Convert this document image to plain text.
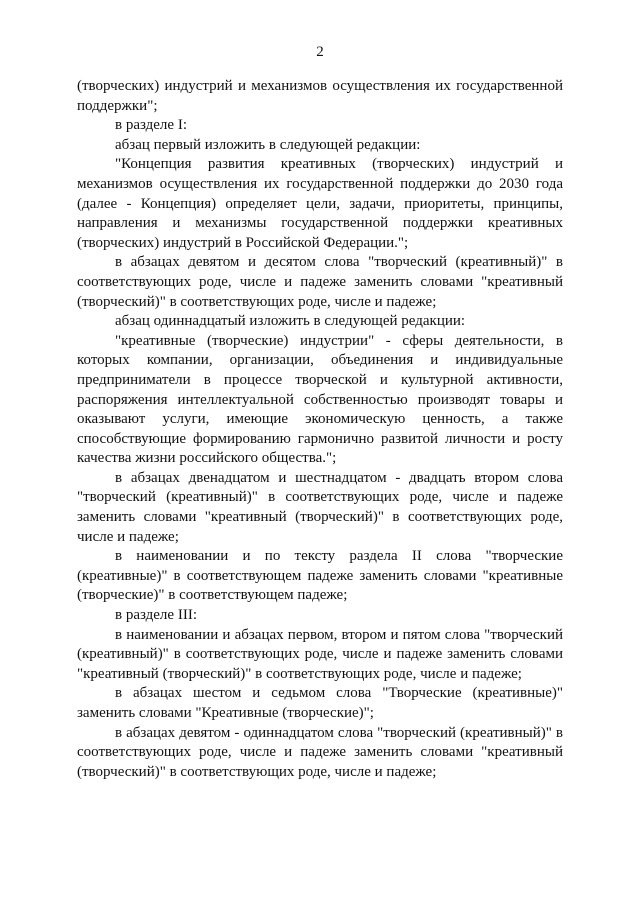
2

(творческих) индустрий и механизмов осуществления их государственной поддержки";

в разделе I:

абзац первый изложить в следующей редакции:

"Концепция развития креативных (творческих) индустрий и механизмов осуществления их государственной поддержки до 2030 года (далее - Концепция) определяет цели, задачи, приоритеты, принципы, направления и механизмы государственной поддержки креативных (творческих) индустрий в Российской Федерации.";

в абзацах девятом и десятом слова "творческий (креативный)" в соответствующих роде, числе и падеже заменить словами "креативный (творческий)" в соответствующих роде, числе и падеже;

абзац одиннадцатый изложить в следующей редакции:

"креативные (творческие) индустрии" - сферы деятельности, в которых компании, организации, объединения и индивидуальные предприниматели в процессе творческой и культурной активности, распоряжения интеллектуальной собственностью производят товары и оказывают услуги, имеющие экономическую ценность, а также способствующие формированию гармонично развитой личности и росту качества жизни российского общества.";

в абзацах двенадцатом и шестнадцатом - двадцать втором слова "творческий (креативный)" в соответствующих роде, числе и падеже заменить словами "креативный (творческий)" в соответствующих роде, числе и падеже;

в наименовании и по тексту раздела II слова "творческие (креативные)" в соответствующем падеже заменить словами "креативные (творческие)" в соответствующем падеже;

в разделе III:

в наименовании и абзацах первом, втором и пятом слова "творческий (креативный)" в соответствующих роде, числе и падеже заменить словами "креативный (творческий)" в соответствующих роде, числе и падеже;

в абзацах шестом и седьмом слова "Творческие (креативные)" заменить словами "Креативные (творческие)";

в абзацах девятом - одиннадцатом слова "творческий (креативный)" в соответствующих роде, числе и падеже заменить словами "креативный (творческий)" в соответствующих роде, числе и падеже;
